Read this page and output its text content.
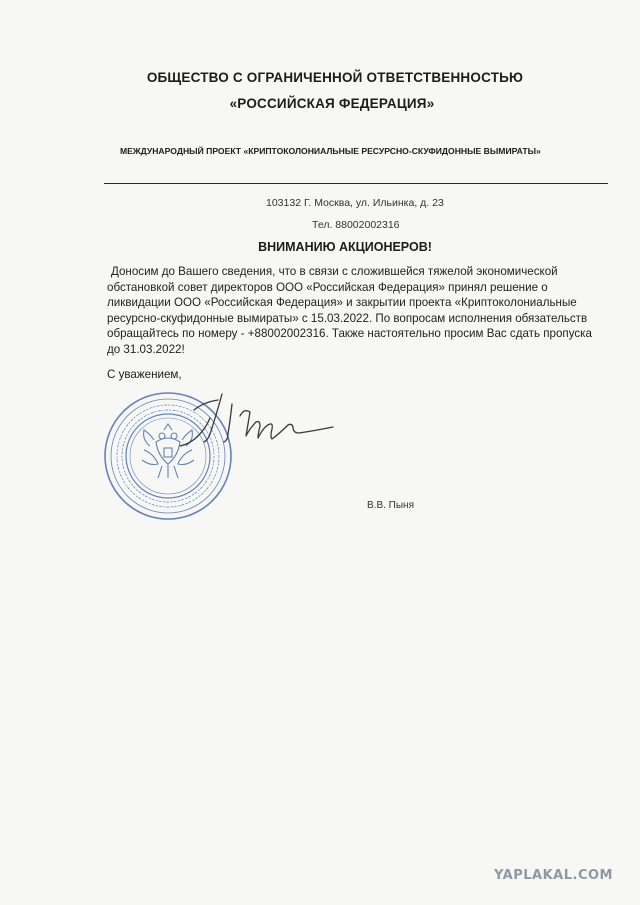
ОБЩЕСТВО С ОГРАНИЧЕННОЙ ОТВЕТСТВЕННОСТЬЮ
«РОССИЙСКАЯ ФЕДЕРАЦИЯ»
МЕЖДУНАРОДНЫЙ ПРОЕКТ «КРИПТОКОЛОНИАЛЬНЫЕ РЕСУРСНО-СКУФИДОННЫЕ ВЫМИРАТЫ»
103132 Г. Москва, ул. Ильинка, д. 23
Тел. 88002002316
ВНИМАНИЮ АКЦИОНЕРОВ!
Доносим до Вашего сведения, что в связи с сложившейся тяжелой экономической
обстановкой совет директоров ООО «Российская Федерация» принял решение о
ликвидации ООО «Российская Федерация» и закрытии проекта «Криптоколониальные
ресурсно-скуфидонные вымираты» с 15.03.2022. По вопросам исполнения обязательств
обращайтесь по номеру - +88002002316. Также настоятельно просим Вас сдать пропуска
до 31.03.2022!
С уважением,
В.В. Пыня
YAPLAKAL.COM
